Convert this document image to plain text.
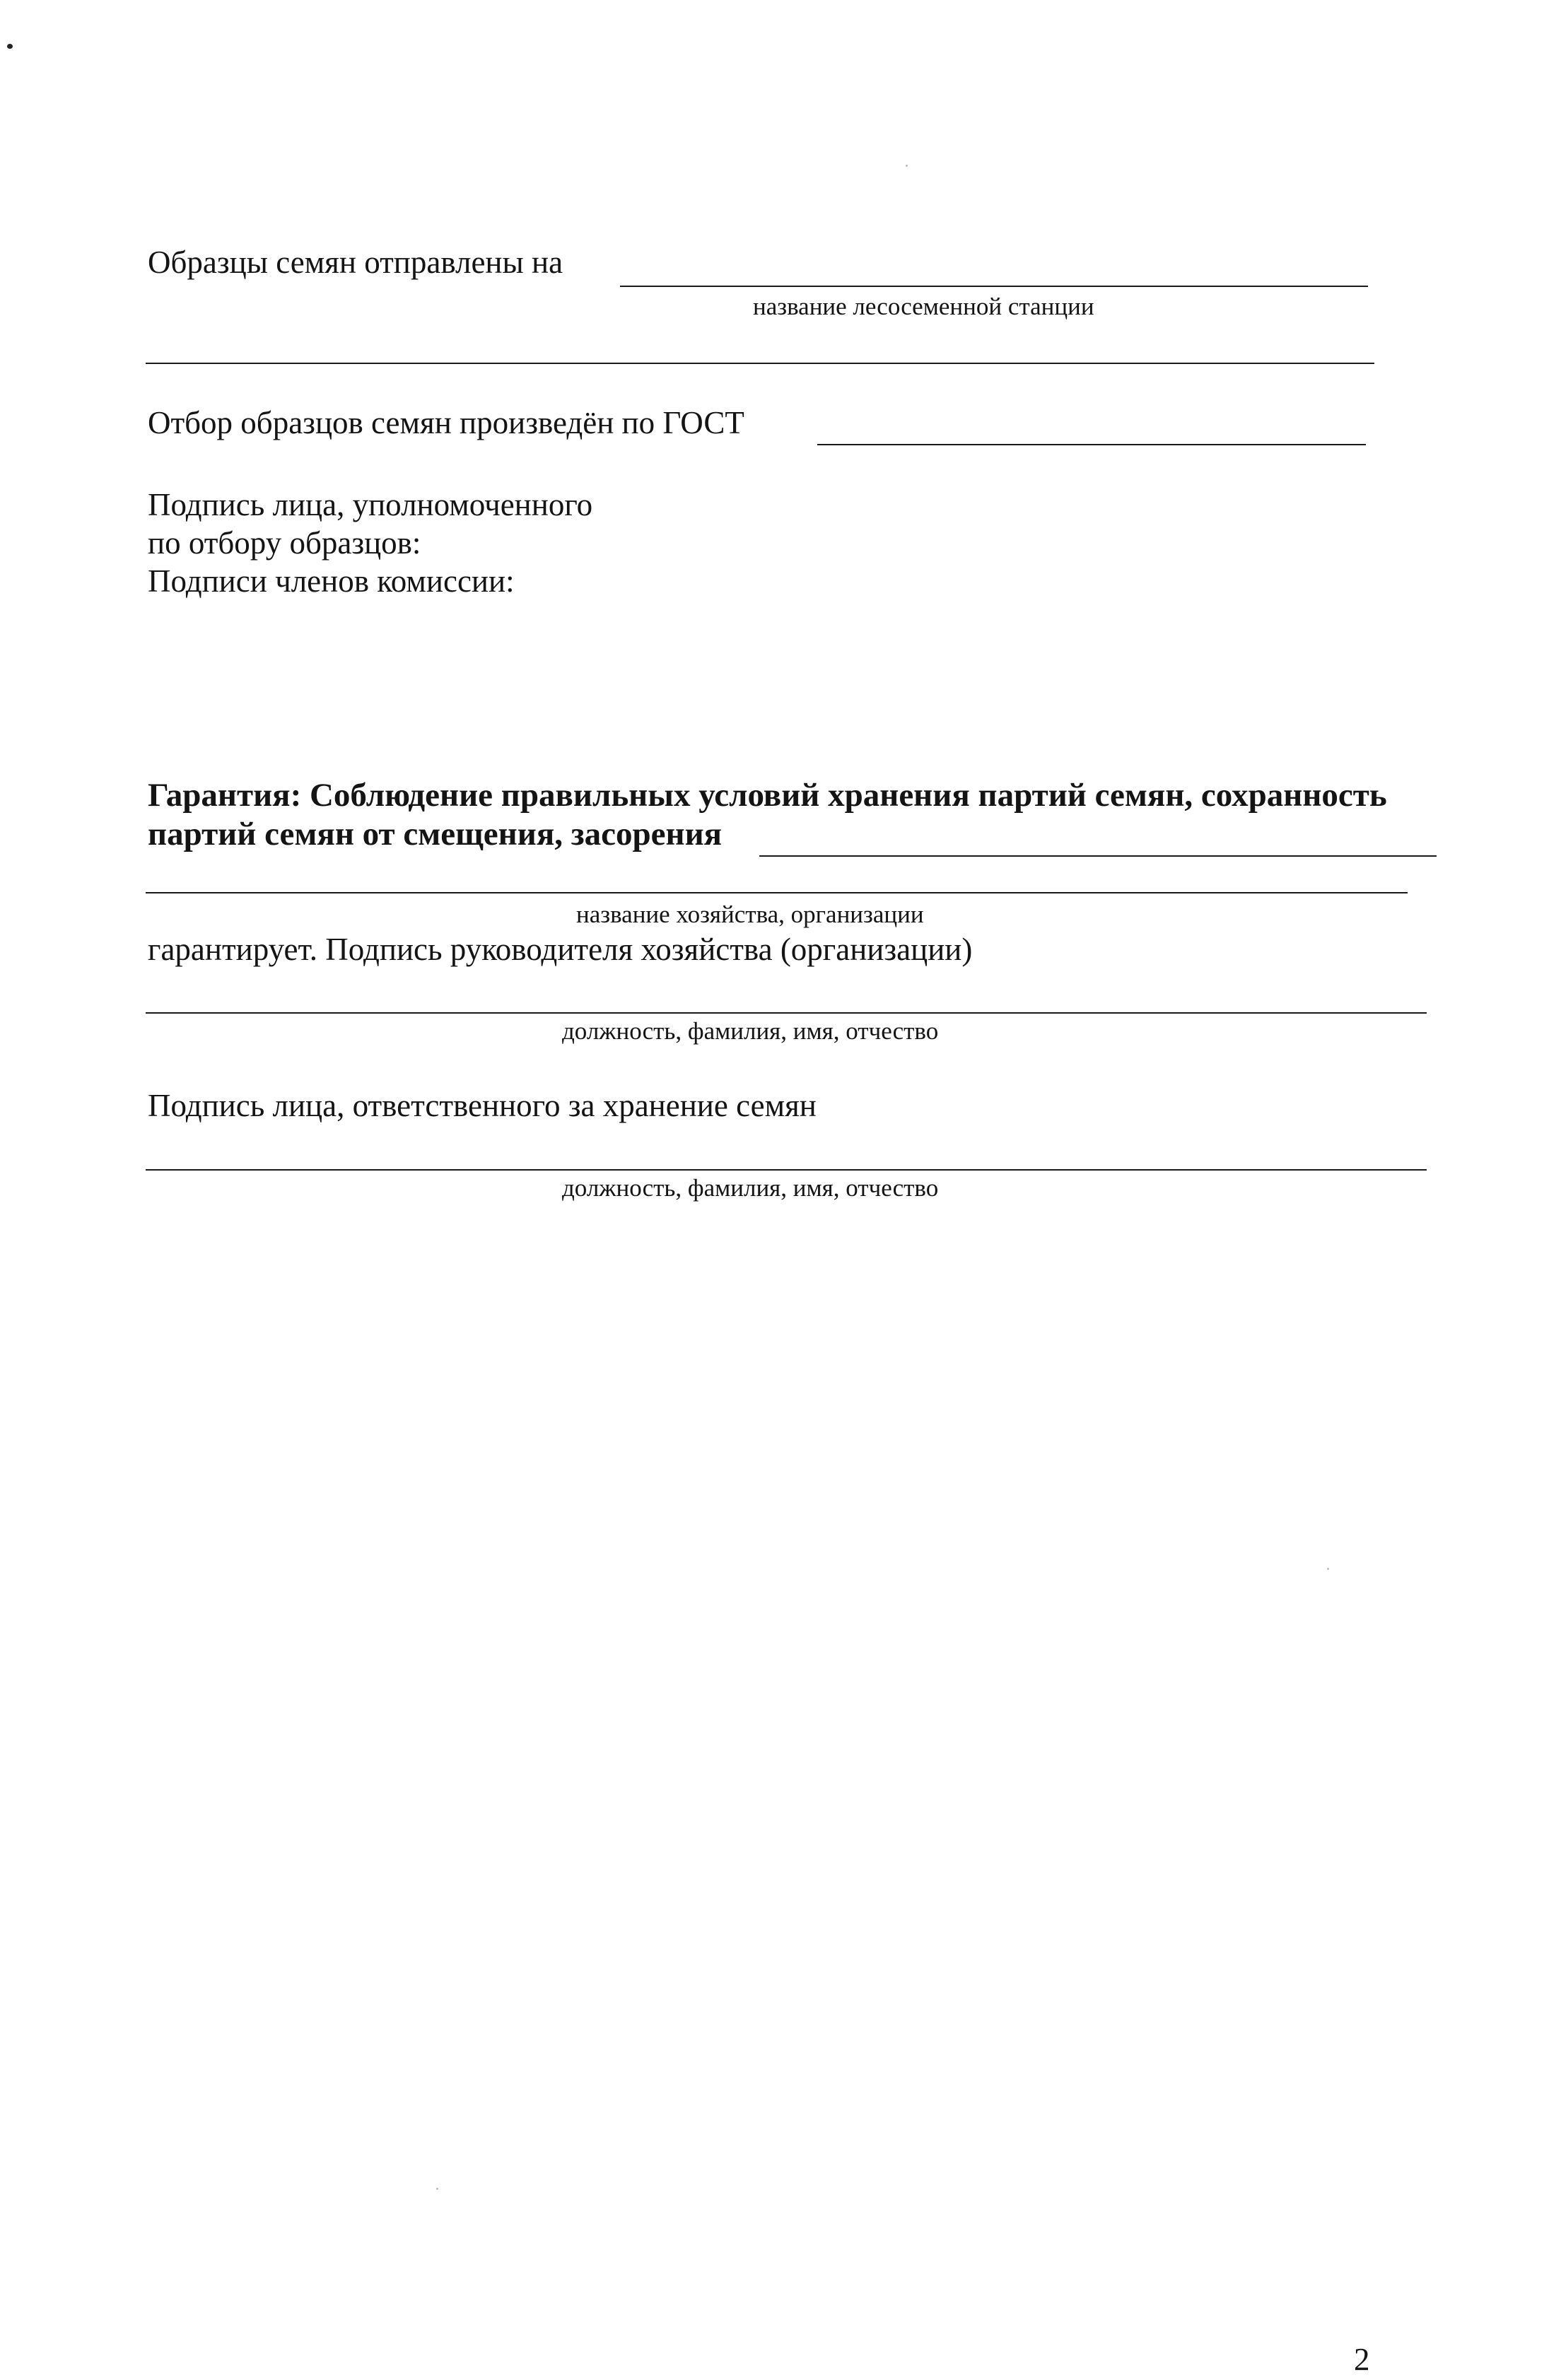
Образцы семян отправлены на
название лесосеменной станции
Отбор образцов семян произведён по ГОСТ
Подпись лица, уполномоченного
по отбору образцов:
Подписи членов комиссии:
Гарантия: Соблюдение правильных условий хранения партий семян, сохранность
партий семян от смещения, засорения
название хозяйства, организации
гарантирует. Подпись руководителя хозяйства (организации)
должность, фамилия, имя, отчество
Подпись лица, ответственного за хранение семян
должность, фамилия, имя, отчество
2
